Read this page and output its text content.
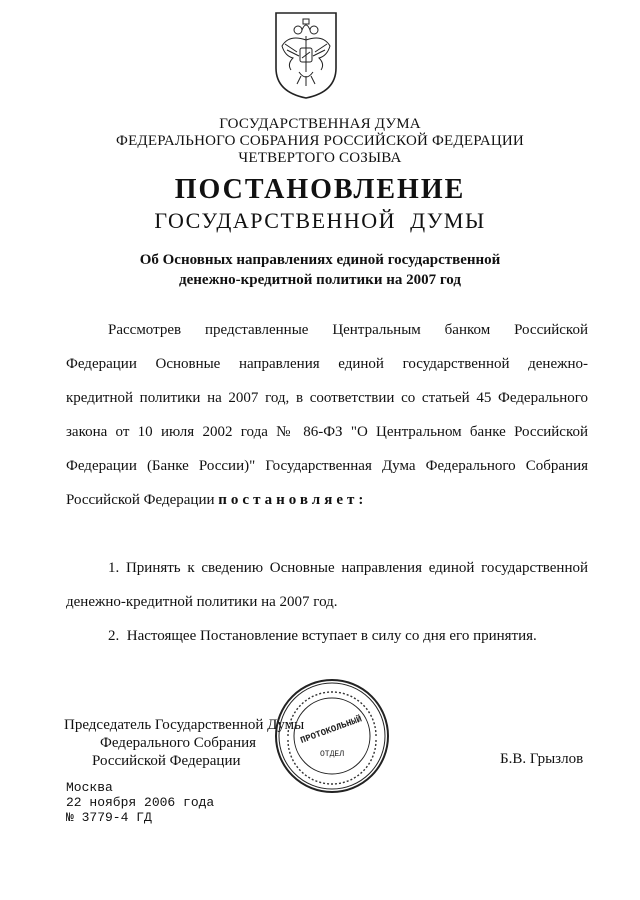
ГОСУДАРСТВЕННАЯ ДУМА
ФЕДЕРАЛЬНОГО СОБРАНИЯ РОССИЙСКОЙ ФЕДЕРАЦИИ
ЧЕТВЕРТОГО СОЗЫВА
ПОСТАНОВЛЕНИЕ
ГОСУДАРСТВЕННОЙ  ДУМЫ
Об Основных направлениях единой государственной
денежно-кредитной политики на 2007 год
Рассмотрев представленные Центральным банком Российской
Федерации Основные направления единой государственной денежно-
кредитной политики на 2007 год, в соответствии со статьей 45 Федерального
закона от 10 июля 2002 года № 86-ФЗ "О Центральном банке Российской
Федерации (Банке России)" Государственная Дума Федерального Собрания
Российской Федерации постановляет:
1. Принять к сведению Основные направления единой государственной
денежно-кредитной политики на 2007 год.
2.  Настоящее Постановление вступает в силу со дня его принятия.
Председатель Государственной Думы
Федерального Собрания
Российской Федерации	Б.В. Грызлов
ПРОТОКОЛЬНЫЙ
ОТДЕЛ
Москва
22 ноября 2006 года
№ 3779-4 ГД
